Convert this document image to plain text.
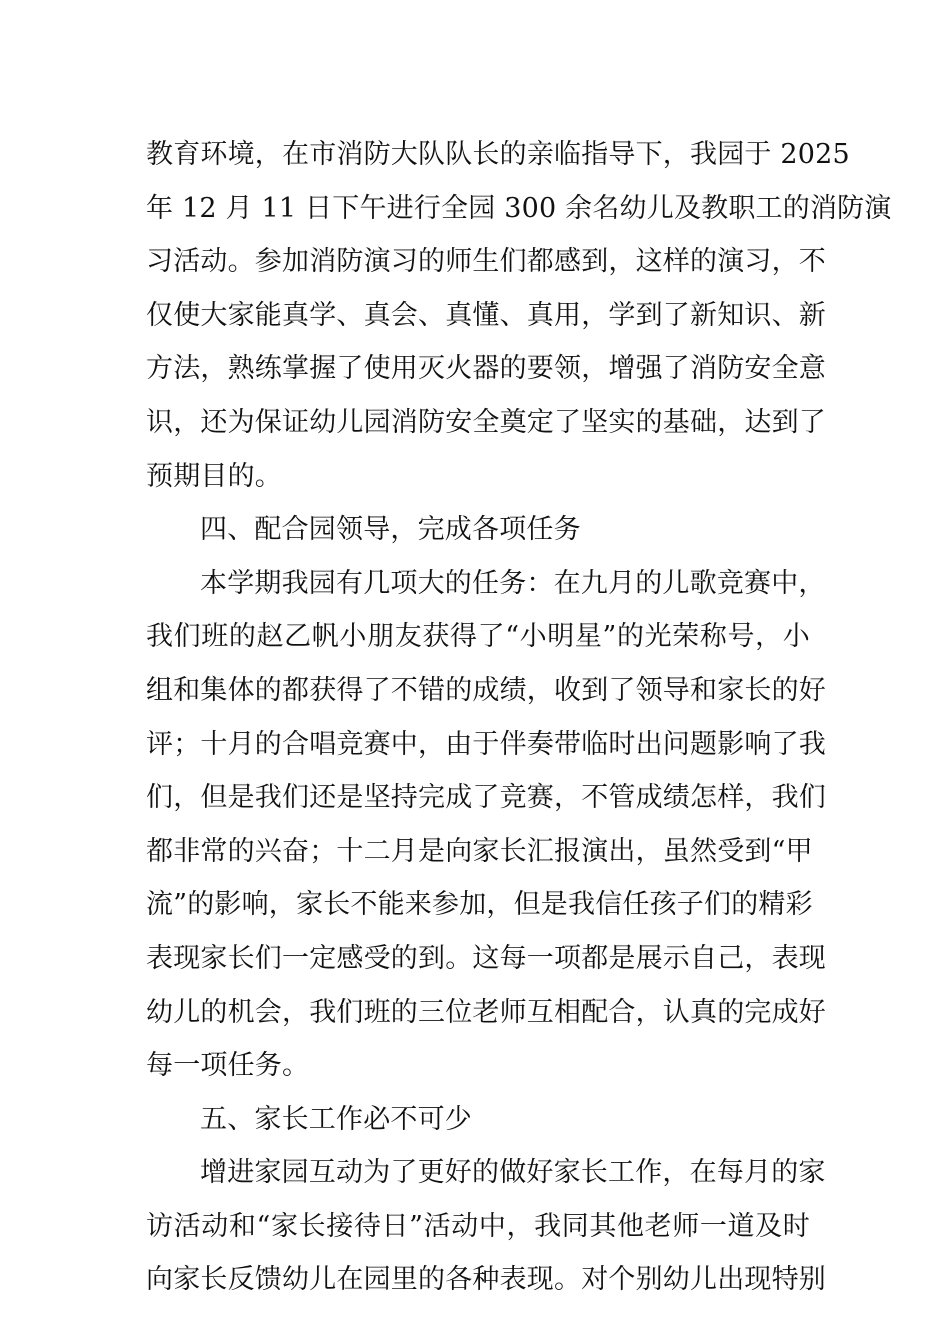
教育环境，在市消防大队队长的亲临指导下，我园于 2025
年 12 月 11 日下午进行全园 300 余名幼儿及教职工的消防演
习活动。参加消防演习的师生们都感到，这样的演习，不
仅使大家能真学、真会、真懂、真用，学到了新知识、新
方法，熟练掌握了使用灭火器的要领，增强了消防安全意
识，还为保证幼儿园消防安全奠定了坚实的基础，达到了
预期目的。
四、配合园领导，完成各项任务
本学期我园有几项大的任务：在九月的儿歌竞赛中，
我们班的赵乙帆小朋友获得了“小明星”的光荣称号，小
组和集体的都获得了不错的成绩，收到了领导和家长的好
评；十月的合唱竞赛中，由于伴奏带临时出问题影响了我
们，但是我们还是坚持完成了竞赛，不管成绩怎样，我们
都非常的兴奋；十二月是向家长汇报演出，虽然受到“甲
流”的影响，家长不能来参加，但是我信任孩子们的精彩
表现家长们一定感受的到。这每一项都是展示自己，表现
幼儿的机会，我们班的三位老师互相配合，认真的完成好
每一项任务。
五、家长工作必不可少
增进家园互动为了更好的做好家长工作，在每月的家
访活动和“家长接待日”活动中，我同其他老师一道及时
向家长反馈幼儿在园里的各种表现。对个别幼儿出现特别
